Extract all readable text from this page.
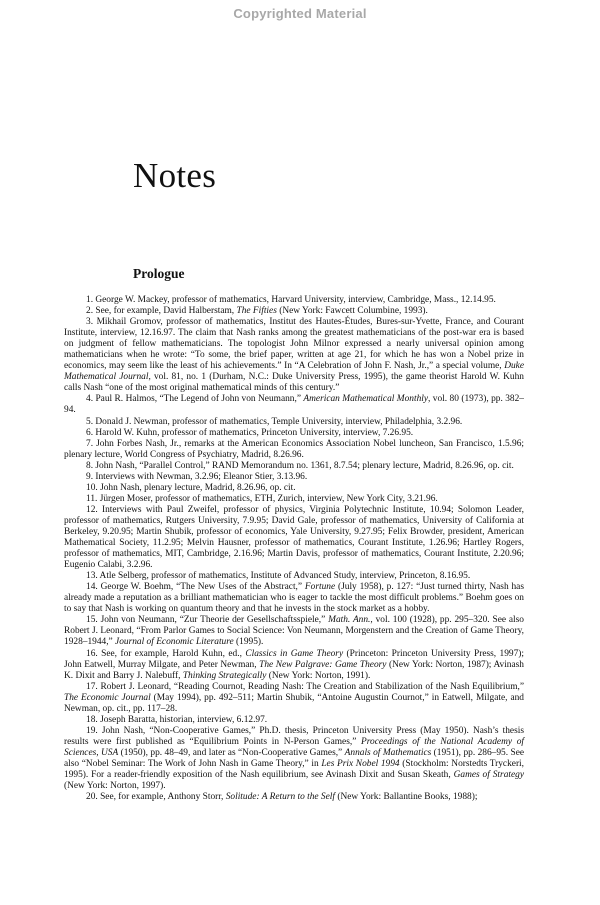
Copyrighted Material
Notes
Prologue

1. George W. Mackey, professor of mathematics, Harvard University, interview, Cambridge, Mass., 12.14.95.

2. See, for example, David Halberstam, The Fifties (New York: Fawcett Columbine, 1993).

3. Mikhail Gromov, professor of mathematics, Institut des Hautes-Études, Bures-sur-Yvette, France, and Courant Institute, interview, 12.16.97. The claim that Nash ranks among the greatest mathematicians of the post-war era is based on judgment of fellow mathematicians. The topologist John Milnor expressed a nearly universal opinion among mathematicians when he wrote: “To some, the brief paper, written at age 21, for which he has won a Nobel prize in economics, may seem like the least of his achievements.” In “A Celebration of John F. Nash, Jr.,” a special volume, Duke Mathematical Journal, vol. 81, no. 1 (Durham, N.C.: Duke University Press, 1995), the game theorist Harold W. Kuhn calls Nash “one of the most original mathematical minds of this century.”

4. Paul R. Halmos, “The Legend of John von Neumann,” American Mathematical Monthly, vol. 80 (1973), pp. 382–94.

5. Donald J. Newman, professor of mathematics, Temple University, interview, Philadelphia, 3.2.96.

6. Harold W. Kuhn, professor of mathematics, Princeton University, interview, 7.26.95.

7. John Forbes Nash, Jr., remarks at the American Economics Association Nobel luncheon, San Francisco, 1.5.96; plenary lecture, World Congress of Psychiatry, Madrid, 8.26.96.

8. John Nash, “Parallel Control,” RAND Memorandum no. 1361, 8.7.54; plenary lecture, Madrid, 8.26.96, op. cit.

9. Interviews with Newman, 3.2.96; Eleanor Stier, 3.13.96.

10. John Nash, plenary lecture, Madrid, 8.26.96, op. cit.

11. Jürgen Moser, professor of mathematics, ETH, Zurich, interview, New York City, 3.21.96.

12. Interviews with Paul Zweifel, professor of physics, Virginia Polytechnic Institute, 10.94; Solomon Leader, professor of mathematics, Rutgers University, 7.9.95; David Gale, professor of mathematics, University of California at Berkeley, 9.20.95; Martin Shubik, professor of economics, Yale University, 9.27.95; Felix Browder, president, American Mathematical Society, 11.2.95; Melvin Hausner, professor of mathematics, Courant Institute, 1.26.96; Hartley Rogers, professor of mathematics, MIT, Cambridge, 2.16.96; Martin Davis, professor of mathematics, Courant Institute, 2.20.96; Eugenio Calabi, 3.2.96.

13. Atle Selberg, professor of mathematics, Institute of Advanced Study, interview, Princeton, 8.16.95.

14. George W. Boehm, “The New Uses of the Abstract,” Fortune (July 1958), p. 127: “Just turned thirty, Nash has already made a reputation as a brilliant mathematician who is eager to tackle the most difficult problems.” Boehm goes on to say that Nash is working on quantum theory and that he invests in the stock market as a hobby.

15. John von Neumann, “Zur Theorie der Gesellschaftsspiele,” Math. Ann., vol. 100 (1928), pp. 295–320. See also Robert J. Leonard, “From Parlor Games to Social Science: Von Neumann, Morgenstern and the Creation of Game Theory, 1928–1944,” Journal of Economic Literature (1995).

16. See, for example, Harold Kuhn, ed., Classics in Game Theory (Princeton: Princeton University Press, 1997); John Eatwell, Murray Milgate, and Peter Newman, The New Palgrave: Game Theory (New York: Norton, 1987); Avinash K. Dixit and Barry J. Nalebuff, Thinking Strategically (New York: Norton, 1991).

17. Robert J. Leonard, “Reading Cournot, Reading Nash: The Creation and Stabilization of the Nash Equilibrium,” The Economic Journal (May 1994), pp. 492–511; Martin Shubik, “Antoine Augustin Cournot,” in Eatwell, Milgate, and Newman, op. cit., pp. 117–28.

18. Joseph Baratta, historian, interview, 6.12.97.

19. John Nash, “Non-Cooperative Games,” Ph.D. thesis, Princeton University Press (May 1950). Nash’s thesis results were first published as “Equilibrium Points in N-Person Games,” Proceedings of the National Academy of Sciences, USA (1950), pp. 48–49, and later as “Non-Cooperative Games,” Annals of Mathematics (1951), pp. 286–95. See also “Nobel Seminar: The Work of John Nash in Game Theory,” in Les Prix Nobel 1994 (Stockholm: Norstedts Tryckeri, 1995). For a reader-friendly exposition of the Nash equilibrium, see Avinash Dixit and Susan Skeath, Games of Strategy (New York: Norton, 1997).

20. See, for example, Anthony Storr, Solitude: A Return to the Self (New York: Ballantine Books, 1988);
